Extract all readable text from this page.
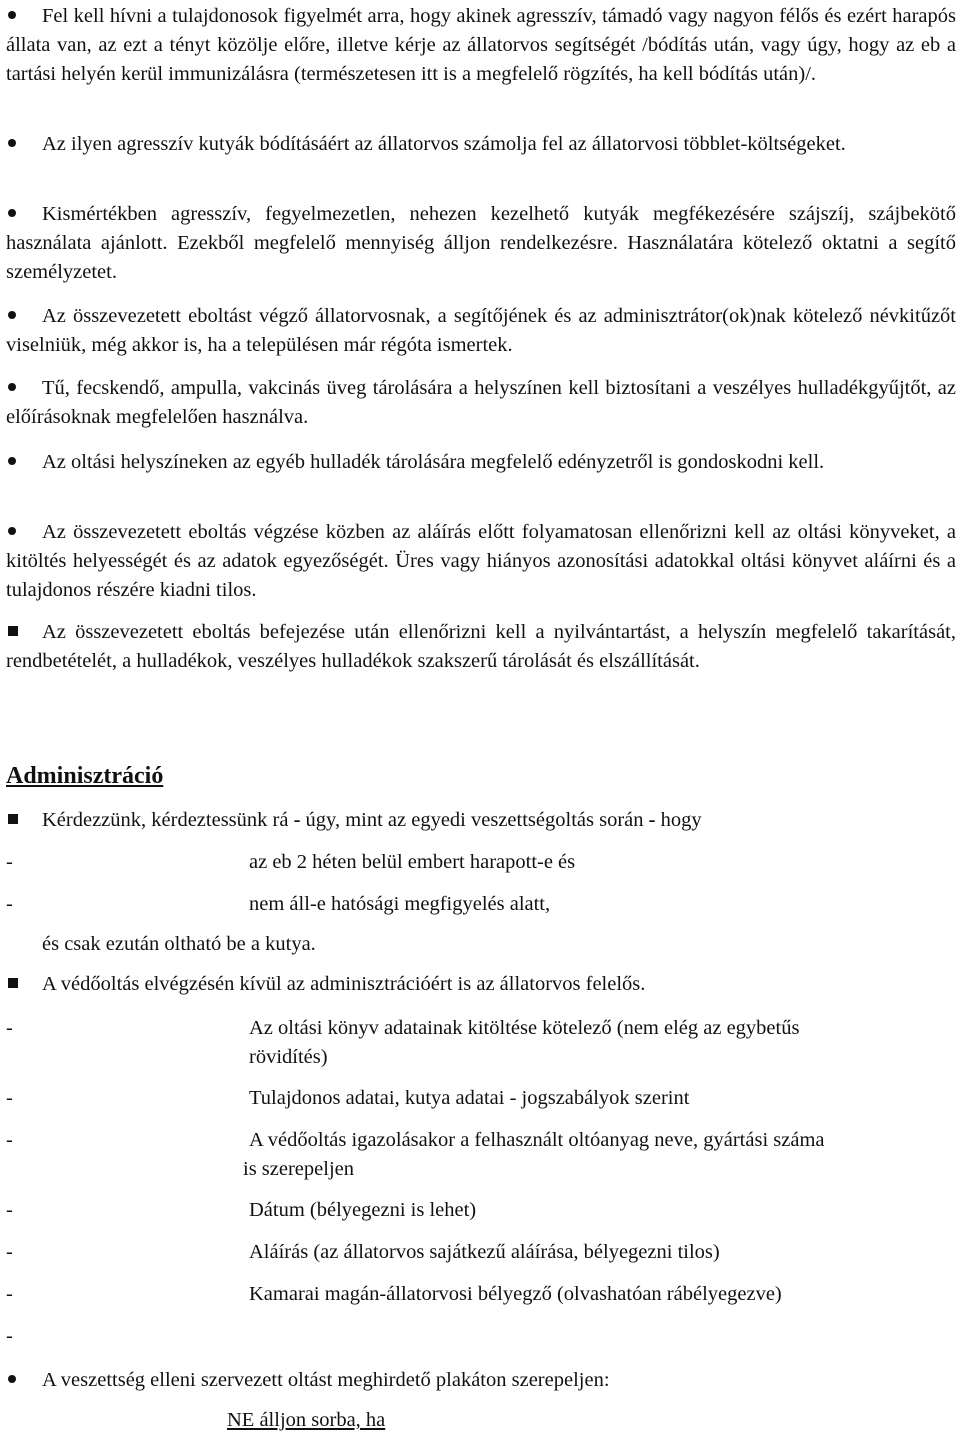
Fel kell hívni a tulajdonosok figyelmét arra, hogy akinek agresszív, támadó vagy nagyon félős és ezért harapós állata van, az ezt a tényt közölje előre, illetve kérje az állatorvos segítségét /bódítás után, vagy úgy, hogy az eb a tartási helyén kerül immunizálásra (természetesen itt is a megfelelő rögzítés, ha kell bódítás után)/.
Az ilyen agresszív kutyák bódításáért az állatorvos számolja fel az állatorvosi többlet-költségeket.
Kismértékben agresszív, fegyelmezetlen, nehezen kezelhető kutyák megfékezésére szájszíj, szájbekötő használata ajánlott. Ezekből megfelelő mennyiség álljon rendelkezésre. Használatára kötelező oktatni a segítő személyzetet.
Az összevezetett eboltást végző állatorvosnak, a segítőjének és az adminisztrátor(ok)nak kötelező névkitűzőt viselniük, még akkor is, ha a településen már régóta ismertek.
Tű, fecskendő, ampulla, vakcinás üveg tárolására a helyszínen kell biztosítani a veszélyes hulladékgyűjtőt, az előírásoknak megfelelően használva.
Az oltási helyszíneken az egyéb hulladék tárolására megfelelő edényzetről is gondoskodni kell.
Az összevezetett eboltás végzése közben az aláírás előtt folyamatosan ellenőrizni kell az oltási könyveket, a kitöltés helyességét és az adatok egyezőségét. Üres vagy hiányos azonosítási adatokkal oltási könyvet aláírni és a tulajdonos részére kiadni tilos.
Az összevezetett eboltás befejezése után ellenőrizni kell a nyilvántartást, a helyszín megfelelő takarítását, rendbetételét, a hulladékok, veszélyes hulladékok szakszerű tárolását és elszállítását.
Adminisztráció
Kérdezzünk, kérdeztessünk rá - úgy, mint az egyedi veszettségoltás során - hogy
-	az eb 2 héten belül embert harapott-e és
-	nem áll-e hatósági megfigyelés alatt,
és csak ezután oltható be a kutya.
A védőoltás elvégzésén kívül az adminisztrációért is az állatorvos felelős.
-	Az oltási könyv adatainak kitöltése kötelező (nem elég az egybetűs
rövidítés)
-	Tulajdonos adatai, kutya adatai - jogszabályok szerint
-	A védőoltás igazolásakor a felhasznált oltóanyag neve, gyártási száma
is szerepeljen
-	Dátum (bélyegezni is lehet)
-	Aláírás (az állatorvos sajátkezű aláírása, bélyegezni tilos)
-	Kamarai magán-állatorvosi bélyegző (olvashatóan rábélyegezve)
-
A veszettség elleni szervezett oltást meghirdető plakáton szerepeljen:
NE álljon sorba, ha
